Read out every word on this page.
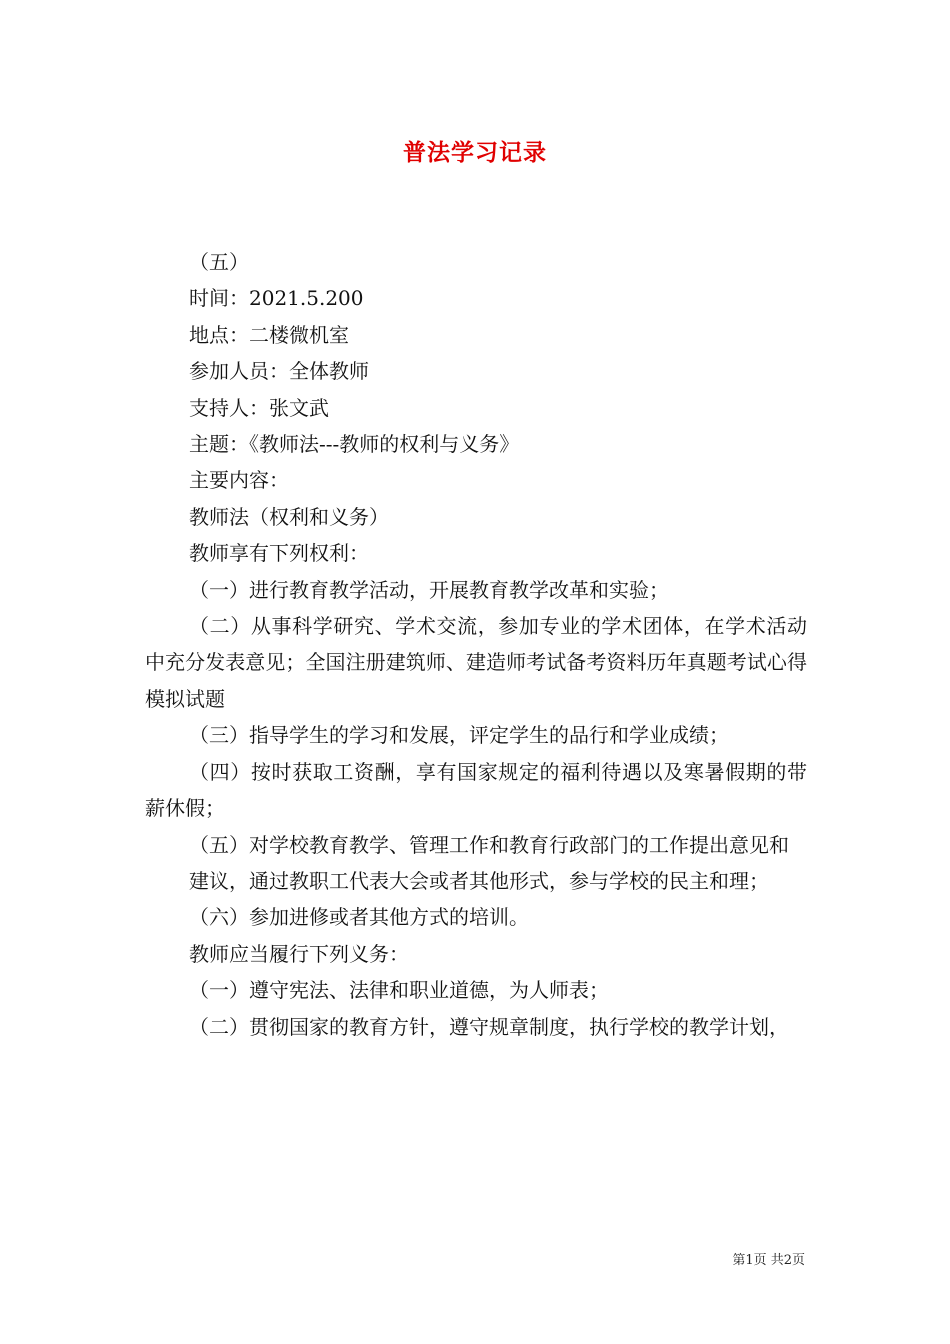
普法学习记录

（五）

时间：2021.5.200

地点：二楼微机室

参加人员：全体教师

支持人：张文武

主题：《教师法---教师的权利与义务》

主要内容：

教师法（权利和义务）

教师享有下列权利：

（一）进行教育教学活动，开展教育教学改革和实验；

（二）从事科学研究、学术交流，参加专业的学术团体，在学术活动中充分发表意见；全国注册建筑师、建造师考试备考资料历年真题考试心得模拟试题

（三）指导学生的学习和发展，评定学生的品行和学业成绩；

（四）按时获取工资酬，享有国家规定的福利待遇以及寒暑假期的带薪休假；

（五）对学校教育教学、管理工作和教育行政部门的工作提出意见和

建议，通过教职工代表大会或者其他形式，参与学校的民主和理；

（六）参加进修或者其他方式的培训。

教师应当履行下列义务：

（一）遵守宪法、法律和职业道德，为人师表；

（二）贯彻国家的教育方针，遵守规章制度，执行学校的教学计划，

第1页 共2页
